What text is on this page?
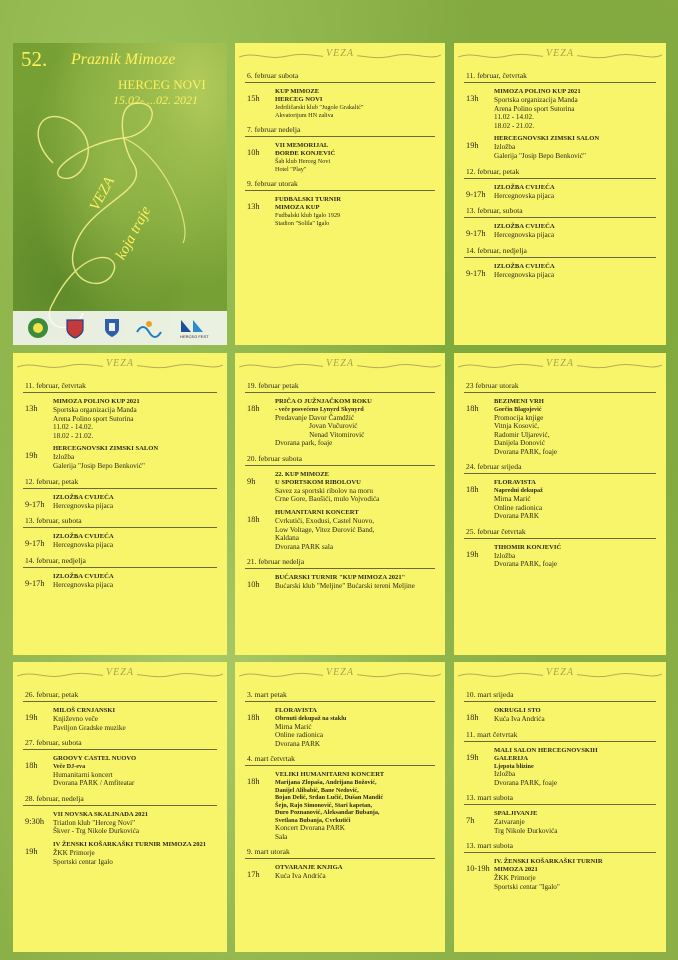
52. Praznik Mimoze
HERCEG NOVI
15.02- ...02. 2021
VEZA
koja traje
HERCEG FEST
VEZA
6. februar subota
15h
KUP MIMOZE
HERCEG NOVI
Jedriličarski klub "Jugole Grakalić"
Akvatorijum HN zaliva
7. februar nedelja
10h
VII MEMORIJAL
ĐORĐE KONJEVIĆ
Šah klub Herceg Novi
Hotel "Play"
9. februar utorak
13h
FUDBALSKI TURNIR
MIMOZA KUP
Fudbalski klub Igalo 1929
Stadion "Solila" Igalo
VEZA
11. februar, četvrtak
13h
MIMOZA POLINO KUP 2021
Sportska organizacija Manda
Arena Polino sport Sutorina
11.02 - 14.02.
18.02 - 21.02.
19h
HERCEGNOVSKI ZIMSKI SALON
Izložba
Galerija "Josip Bepo Benković"
12. februar, petak
9-17h
IZLOŽBA CVIJEĆA
Hercegnovska pijaca
13. februar, subota
9-17h
IZLOŽBA CVIJEĆA
Hercegnovska pijaca
14. februar, nedjelja
9-17h
IZLOŽBA CVIJEĆA
Hercegnovska pijaca
VEZA
11. februar, četvrtak
13h
MIMOZA POLINO KUP 2021
Sportska organizacija Manda
Arena Polino sport Sutorina
11.02 - 14.02.
18.02 - 21.02.
19h
HERCEGNOVSKI ZIMSKI SALON
Izložba
Galerija "Josip Bepo Benković"
12. februar, petak
9-17h
IZLOŽBA CVIJEĆA
Hercegnovska pijaca
13. februar, subota
9-17h
IZLOŽBA CVIJEĆA
Hercegnovska pijaca
14. februar, nedjelja
9-17h
IZLOŽBA CVIJEĆA
Hercegnovska pijaca
VEZA
19. februar petak
18h
PRIČA O JUŽNJAČKOM ROKU
- veče posvećeno Lynyrd Skynyrd
Predavanje Davor Čamdžić
Jovan Vučurović
Nenad Vitomirović
Dvorana park, foaje
20. februar subota
9h
22. KUP MIMOZE
U SPORTSKOM RIBOLOVU
Savez za sportski ribolov na moru
Crne Gore, Baošići, mulo Vojvodića
18h
HUMANITARNI KONCERT
Cvrkutići, Exodusi, Castel Nuovo,
Low Voltage, Vitez Đurović Band,
Kaldana
Dvorana PARK sala
21. februar nedelja
10h
BUĆARSKI TURNIR "KUP MIMOZA 2021"
Bućarski klub "Meljine" Bućarski tereni Meljine
VEZA
23 februar utorak
18h
BEZIMENI VRH
Gorčin Blagojević
Promocija knjige
Vitnja Kosović,
Radomir Uljarević,
Danijela Đonović
Dvorana PARK, foaje
24. februar srijeda
18h
FLORAVISTA
Napredni dekupaž
Mirna Marić
Online radionica
Dvorana PARK
25. februar četvrtak
19h
TIHOMIR KONJEVIĆ
Izložba
Dvorana PARK, foaje
VEZA
26. februar, petak
19h
MILOŠ CRNJANSKI
Književno veče
Paviljon Gradske muzike
27. februar, subota
18h
GROOVY CASTEL NUOVO
Veče DJ-eva
Humanitarni koncert
Dvorana PARK / Amfiteatar
28. februar, nedelja
9:30h
VII NOVSKA SKALINADA 2021
Triatlon klub "Herceg Novi"
Škver - Trg Nikole Đurkovića
19h
IV ŽENSKI KOŠARKAŠKI TURNIR MIMOZA 2021
ŽKK Primorje
Sportski centar Igalo
VEZA
3. mart petak
18h
FLORAVISTA
Obrnuti dekupaž na staklu
Mirna Marić
Online radionica
Dvorana PARK
4. mart četvrtak
18h
VELIKI HUMANITARNI KONCERT
Marijana Zlopaša, Andrijana Božović,
Danijel Alibabić, Bane Nedović,
Bojan Delić, Srđan Lučić, Dušan Mandić
Šejn, Rajo Simonović, Stari kapetan,
Đuro Poznanović, Aleksandar Bubanja,
Svetlana Bubanja, Cvrkutići
Koncert Dvorana PARK
Sala
9. mart utorak
17h
OTVARANJE KNJIGA
Kuća Iva Andrića
VEZA
10. mart srijeda
18h
OKRUGLI STO
Kuća Iva Andrića
11. mart četvrtak
19h
MALI SALON HERCEGNOVSKIH
GALERIJA
Ljepota blizine
Izložba
Dvorana PARK, foaje
13. mart subota
7h
SPALJIVANJE
Zatvaranje
Trg Nikole Đurkovića
13. mart subota
10-19h
IV. ŽENSKI KOŠARKAŠKI TURNIR
MIMOZA 2021
ŽKK Primorje
Sportski centar "Igalo"
